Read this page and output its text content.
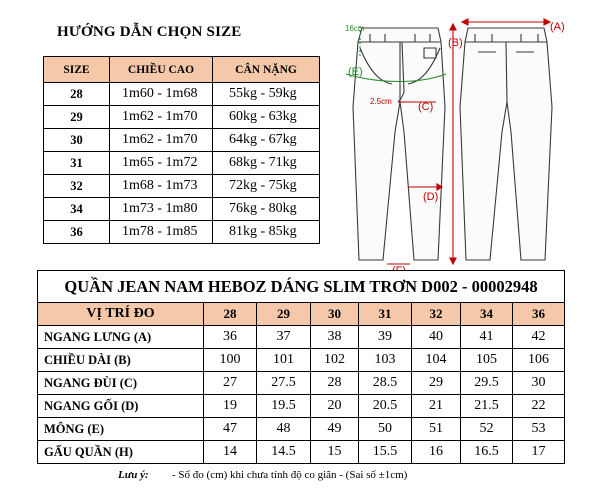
HƯỚNG DẪN CHỌN SIZE
SIZE	CHIỀU CAO	CÂN NẶNG
28	1m60 - 1m68	55kg - 59kg
29	1m62 - 1m70	60kg - 63kg
30	1m62 - 1m70	64kg - 67kg
31	1m65 - 1m72	68kg - 71kg
32	1m68 - 1m73	72kg - 75kg
34	1m73 - 1m80	76kg - 80kg
36	1m78 - 1m85	81kg - 85kg
(A)
(B)
(C)
(D)
(E)
16cm
2.5cm
QUẦN JEAN NAM HEBOZ DÁNG SLIM TRƠN D002 - 00002948							
VỊ TRÍ ĐO	28	29	30	31	32	34	36
NGANG LƯNG (A)	36	37	38	39	40	41	42
CHIỀU DÀI (B)	100	101	102	103	104	105	106
NGANG ĐÙI (C)	27	27.5	28	28.5	29	29.5	30
NGANG GỐI (D)	19	19.5	20	20.5	21	21.5	22
MÔNG (E)	47	48	49	50	51	52	53
GẤU QUẦN (H)	14	14.5	15	15.5	16	16.5	17
Lưu ý: - Số đo (cm) khi chưa tính độ co giãn - (Sai số ±1cm)
